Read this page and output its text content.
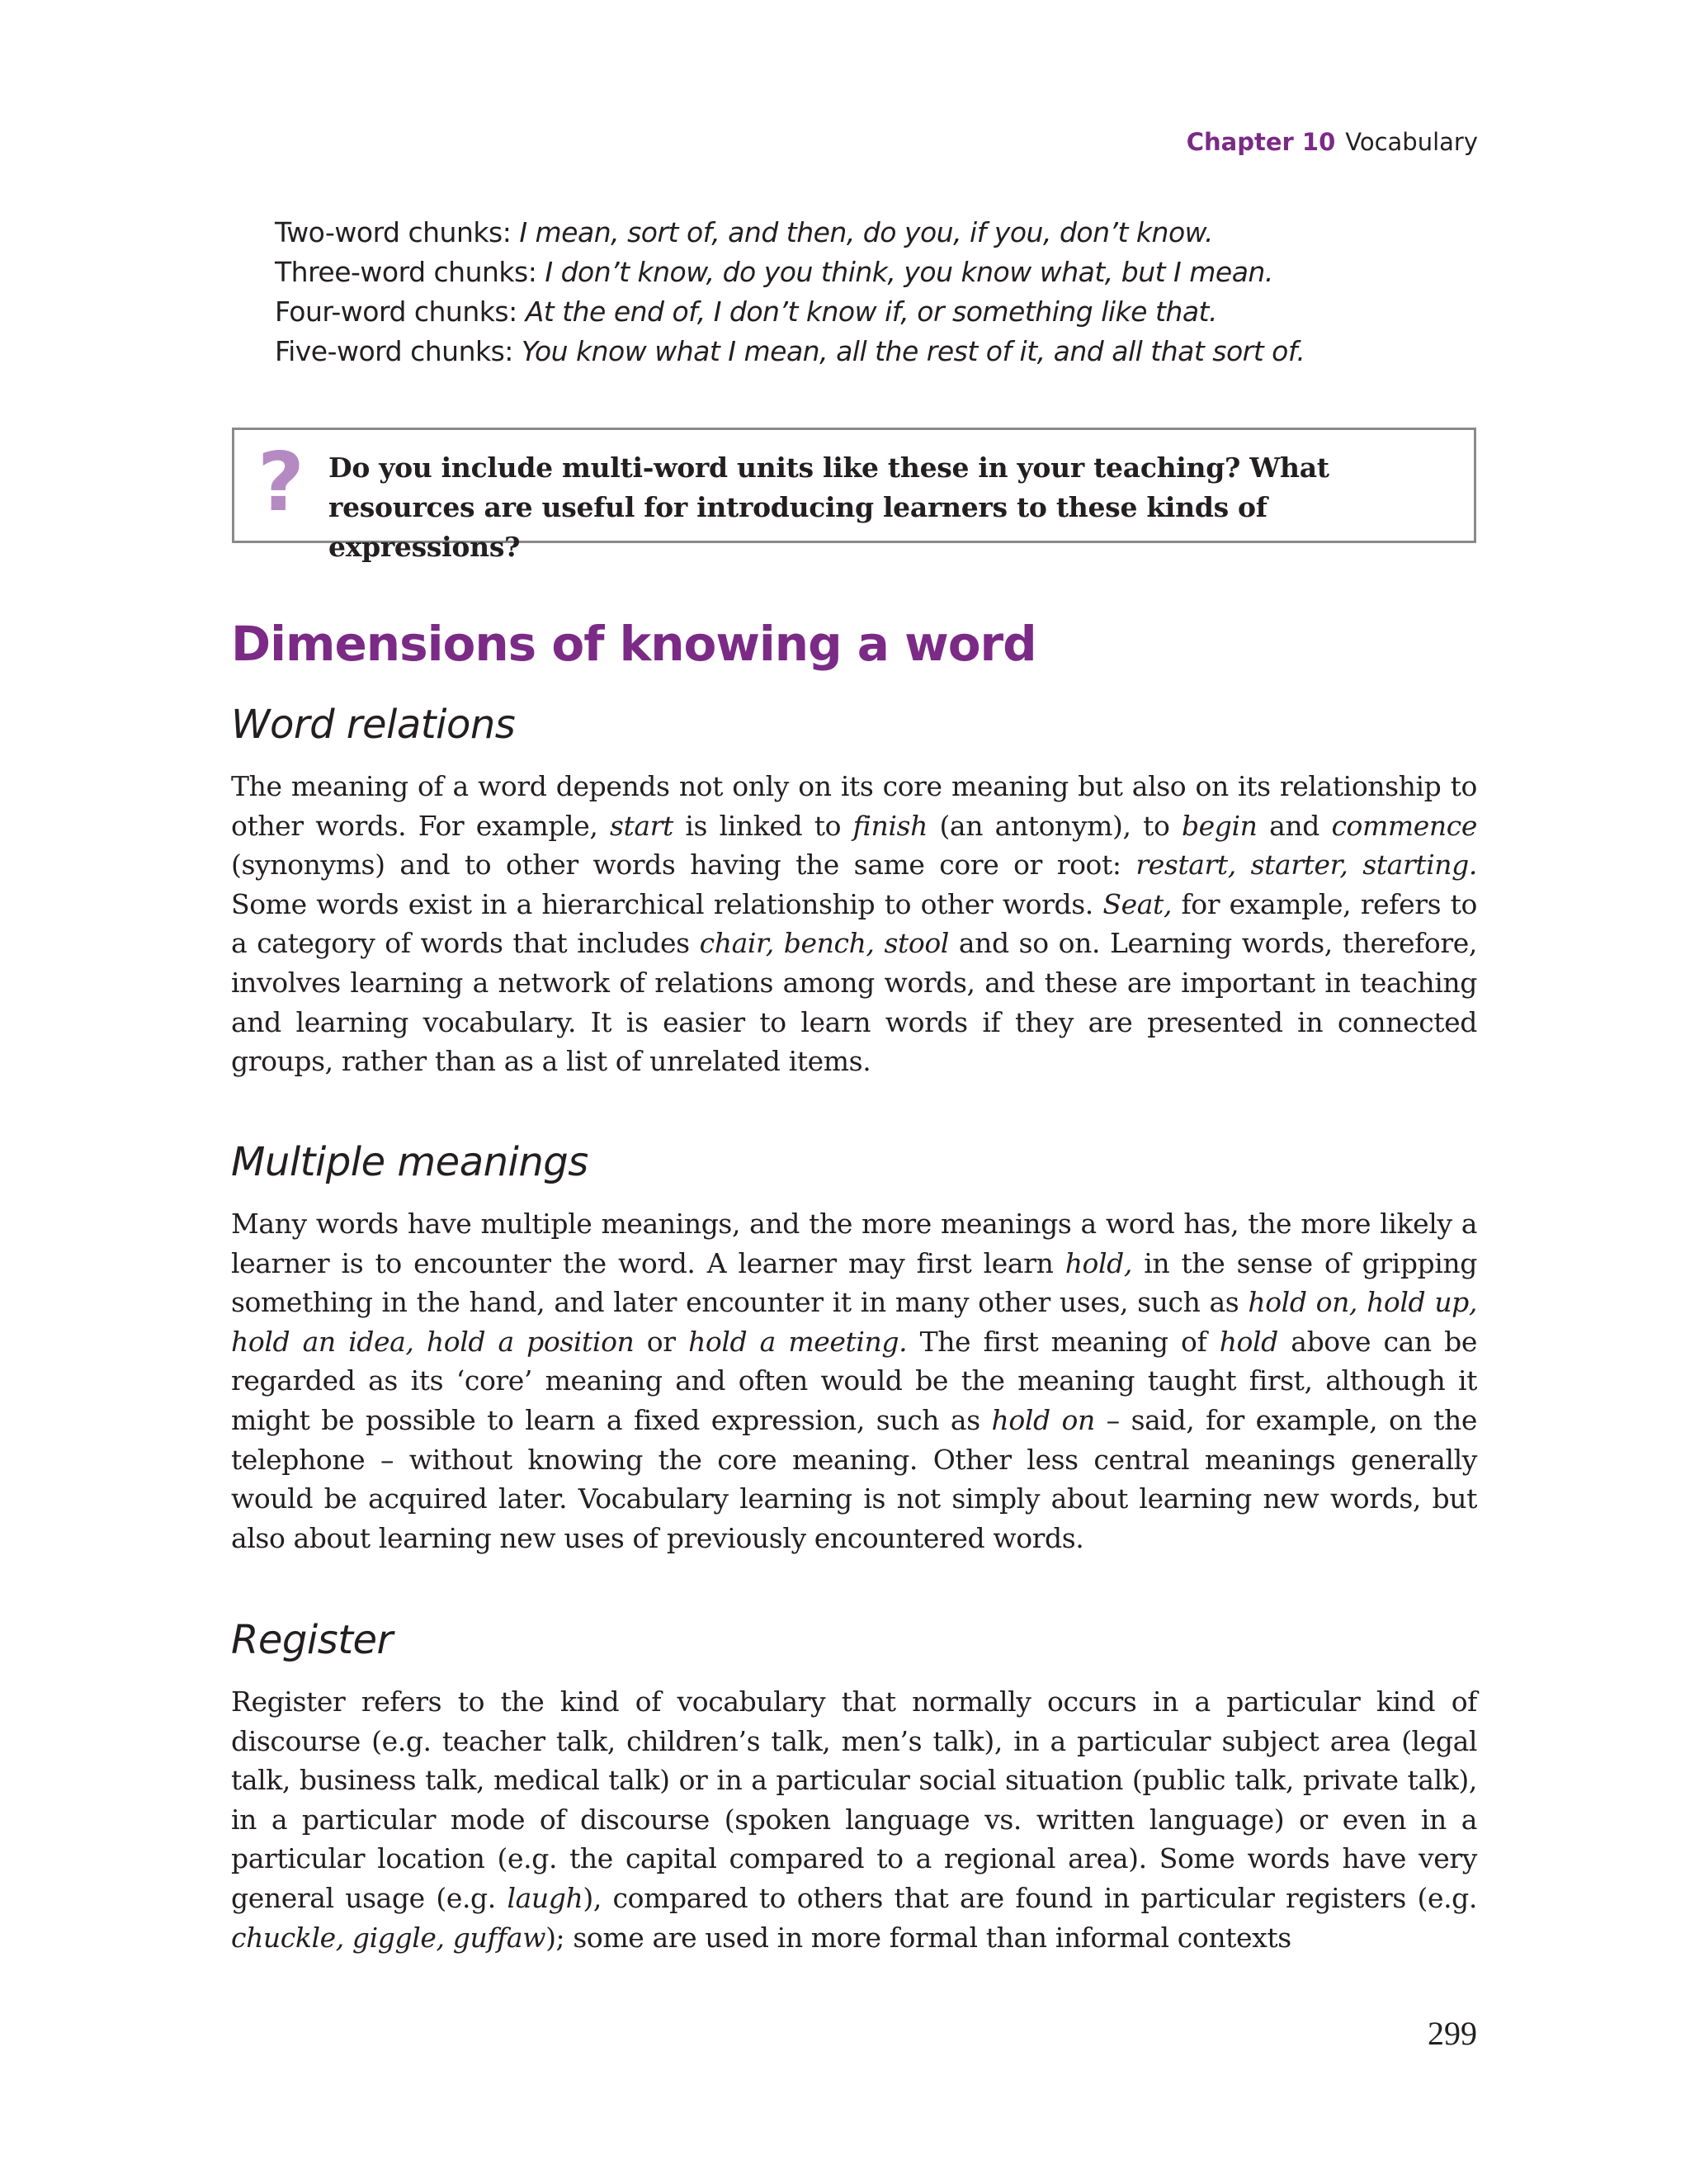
Chapter 10 Vocabulary
Two-word chunks: I mean, sort of, and then, do you, if you, don’t know.
Three-word chunks: I don’t know, do you think, you know what, but I mean.
Four-word chunks: At the end of, I don’t know if, or something like that.
Five-word chunks: You know what I mean, all the rest of it, and all that sort of.
? Do you include multi-word units like these in your teaching? What resources are useful for introducing learners to these kinds of expressions?
Dimensions of knowing a word
Word relations

The meaning of a word depends not only on its core meaning but also on its relationship to other words. For example, start is linked to finish (an antonym), to begin and commence (synonyms) and to other words having the same core or root: restart, starter, starting. Some words exist in a hierarchical relationship to other words. Seat, for example, refers to a category of words that includes chair, bench, stool and so on. Learning words, therefore, involves learning a network of relations among words, and these are important in teaching and learning vocabulary. It is easier to learn words if they are presented in connected groups, rather than as a list of unrelated items.

Multiple meanings

Many words have multiple meanings, and the more meanings a word has, the more likely a learner is to encounter the word. A learner may first learn hold, in the sense of gripping something in the hand, and later encounter it in many other uses, such as hold on, hold up, hold an idea, hold a position or hold a meeting. The first meaning of hold above can be regarded as its ‘core’ meaning and often would be the meaning taught first, although it might be possible to learn a fixed expression, such as hold on – said, for example, on the telephone – without knowing the core meaning. Other less central meanings generally would be acquired later. Vocabulary learning is not simply about learning new words, but also about learning new uses of previously encountered words.

Register

Register refers to the kind of vocabulary that normally occurs in a particular kind of discourse (e.g. teacher talk, children’s talk, men’s talk), in a particular subject area (legal talk, business talk, medical talk) or in a particular social situation (public talk, private talk), in a particular mode of discourse (spoken language vs. written language) or even in a particular location (e.g. the capital compared to a regional area). Some words have very general usage (e.g. laugh), compared to others that are found in particular registers (e.g. chuckle, giggle, guffaw); some are used in more formal than informal contexts

299
